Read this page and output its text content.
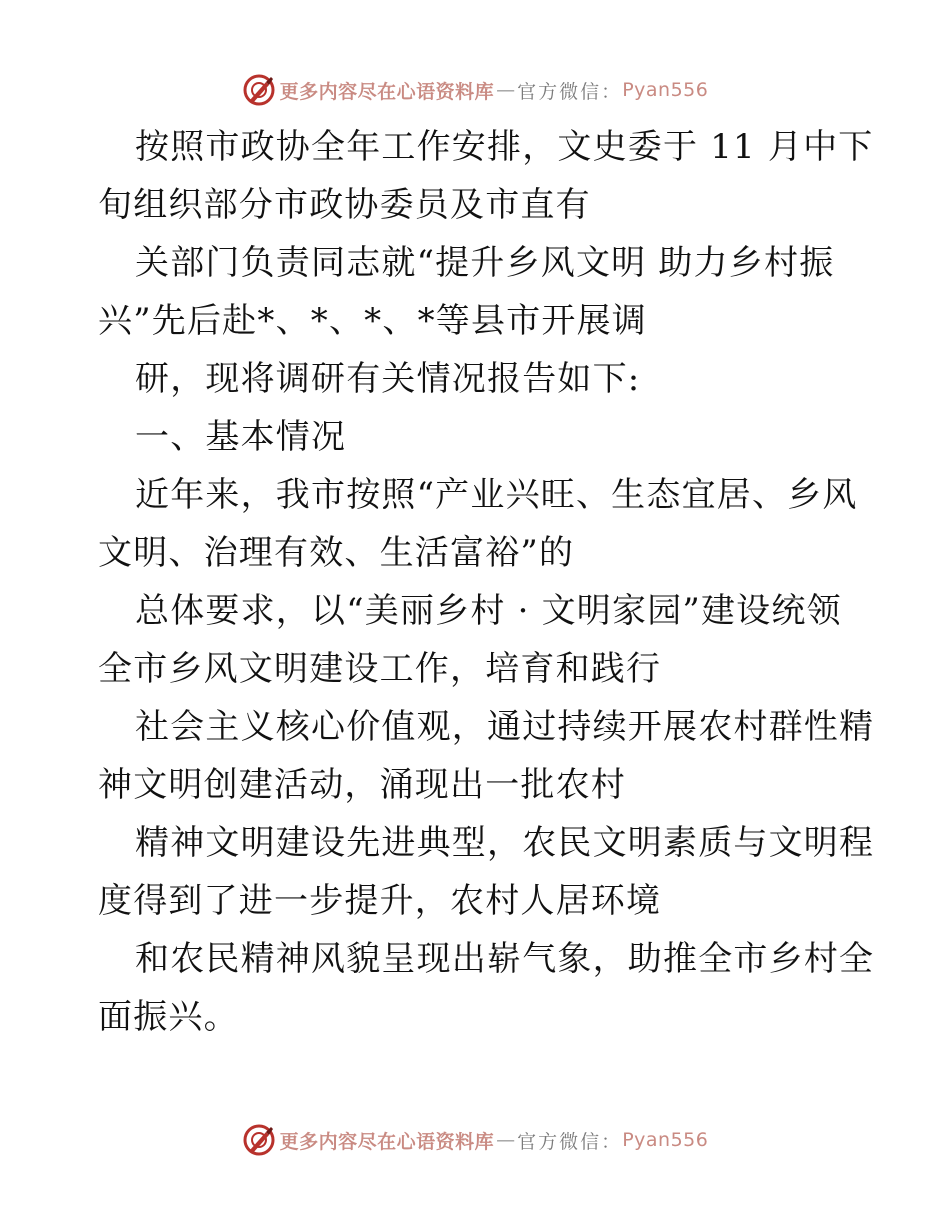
更多内容尽在心语资料库 — 官方微信： Pyan556
按照市政协全年工作安排，文史委于 11 月中下
旬组织部分市政协委员及市直有
关部门负责同志就“提升乡风文明 助力乡村振
兴”先后赴*、*、*、*等县市开展调
研，现将调研有关情况报告如下:
一、基本情况
近年来，我市按照“产业兴旺、生态宜居、乡风
文明、治理有效、生活富裕”的
总体要求，以“美丽乡村 · 文明家园”建设统领
全市乡风文明建设工作，培育和践行
社会主义核心价值观，通过持续开展农村群性精
神文明创建活动，涌现出一批农村
精神文明建设先进典型，农民文明素质与文明程
度得到了进一步提升，农村人居环境
和农民精神风貌呈现出崭气象，助推全市乡村全
面振兴。
更多内容尽在心语资料库 — 官方微信： Pyan556
